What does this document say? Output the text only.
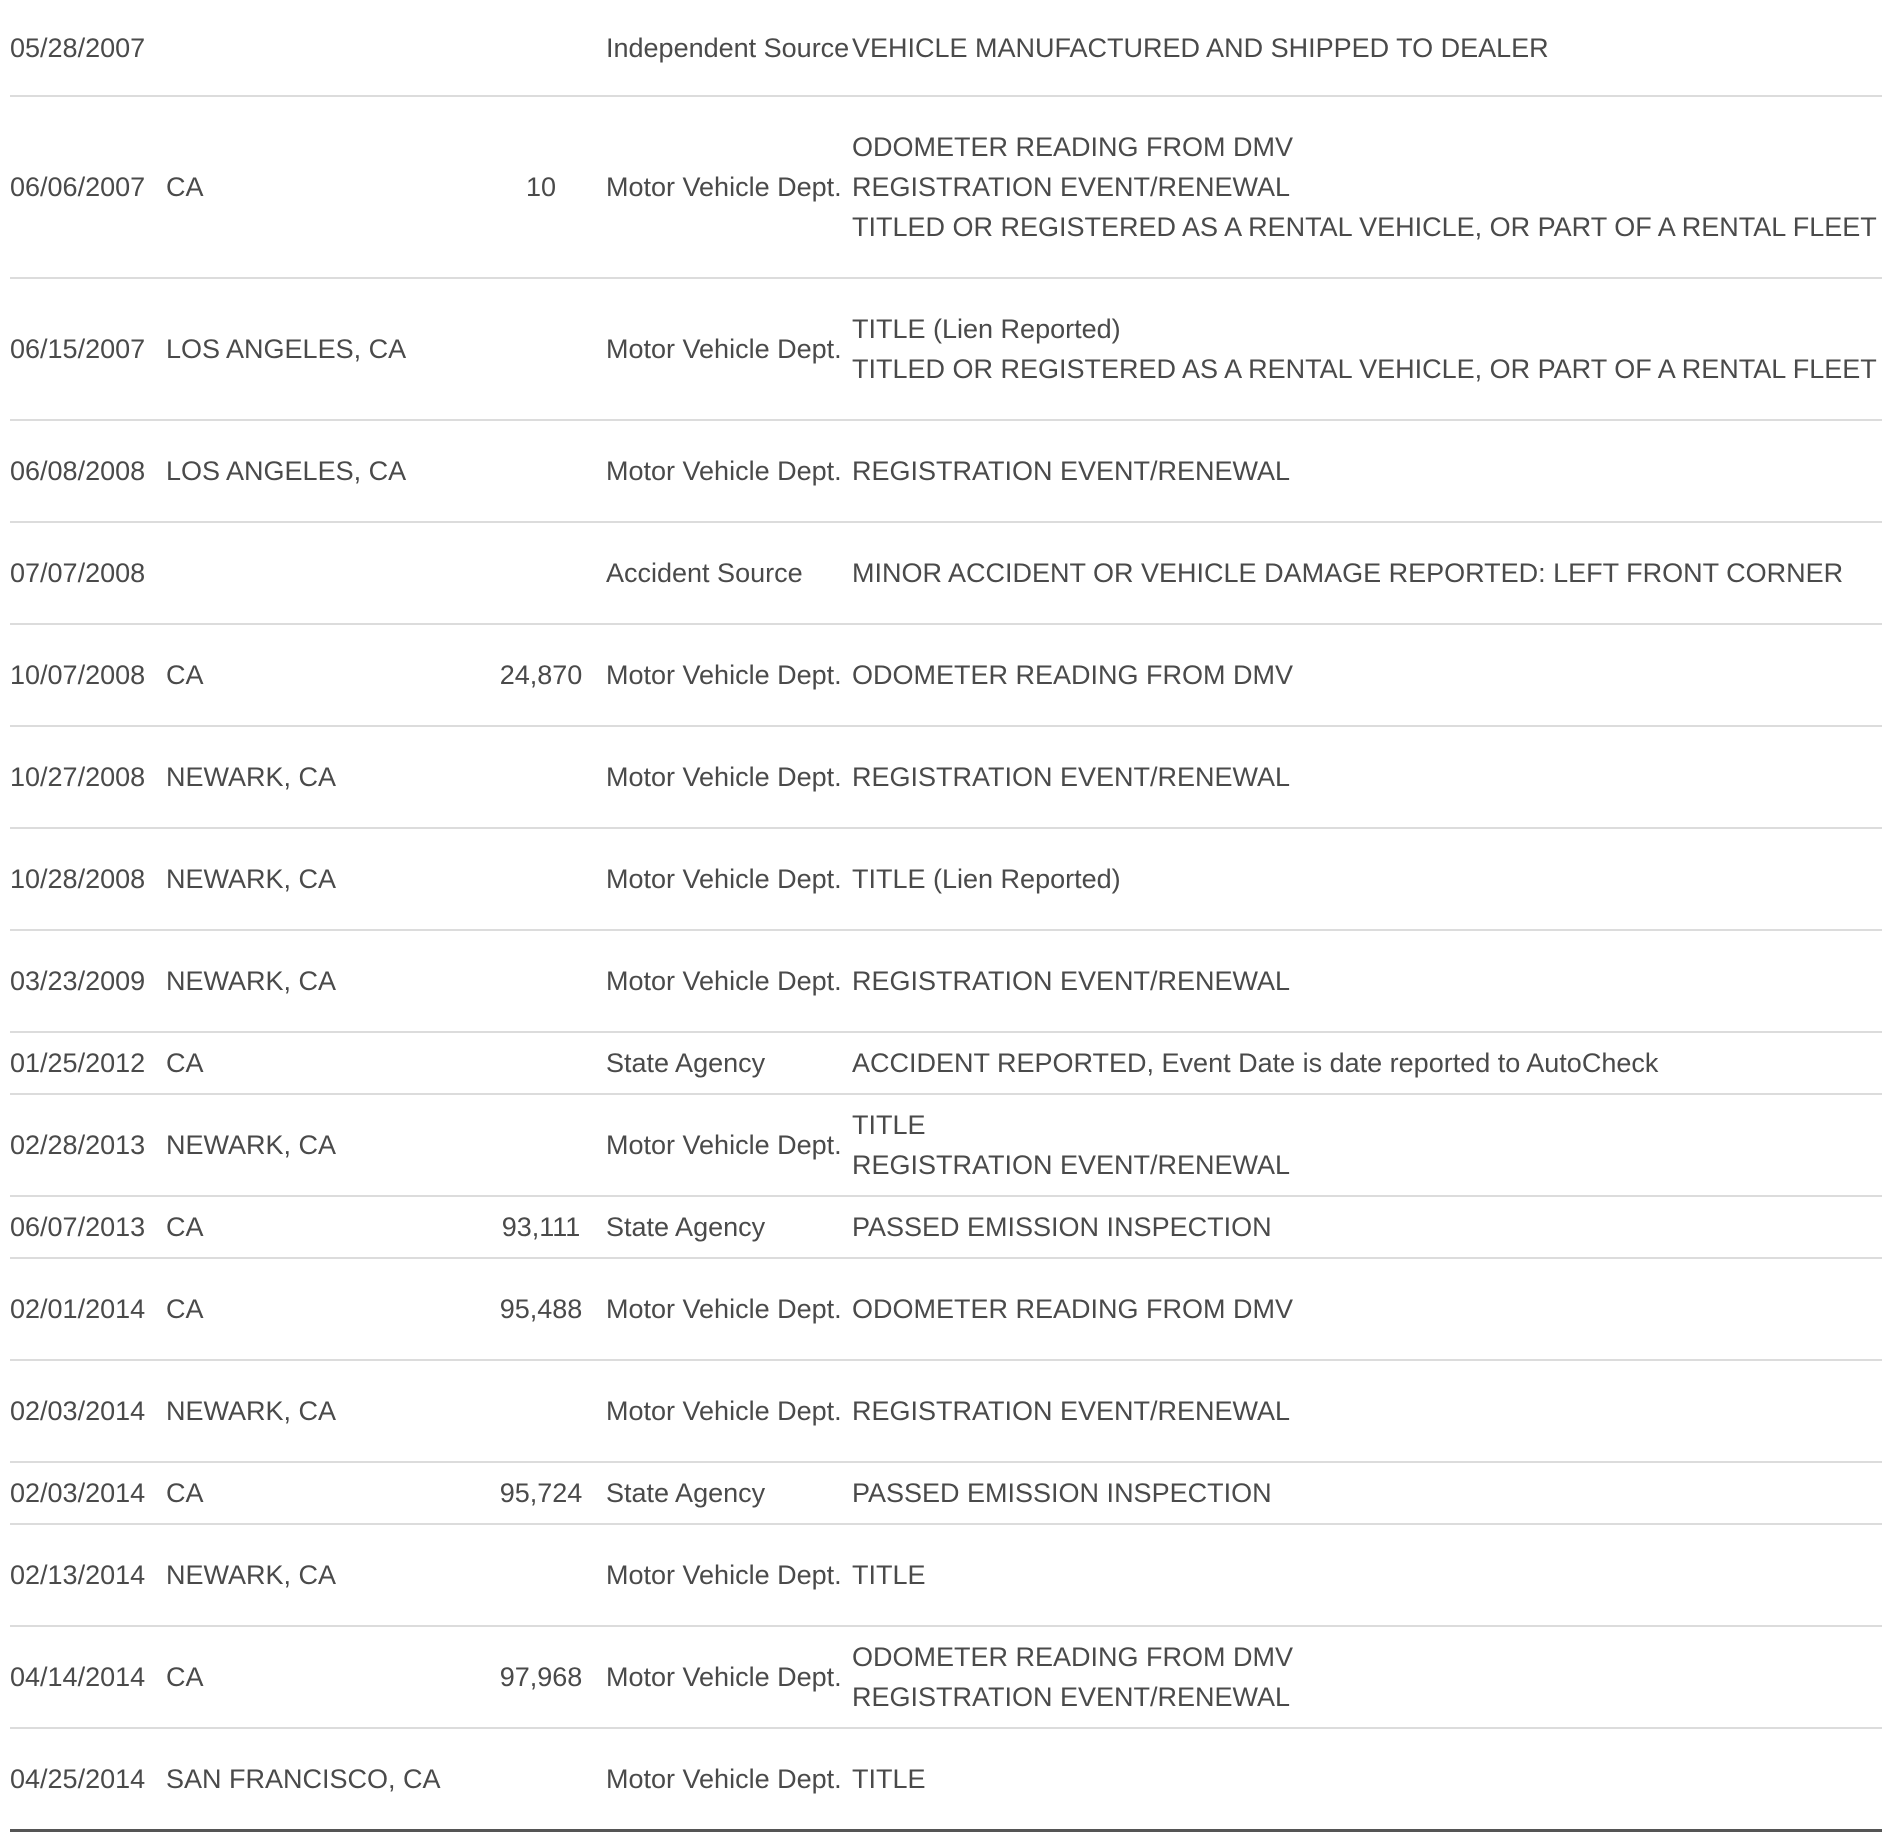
05/28/2007			Independent Source	VEHICLE MANUFACTURED AND SHIPPED TO DEALER

06/06/2007	CA	10	Motor Vehicle Dept.	ODOMETER READING FROM DMV
REGISTRATION EVENT/RENEWAL
TITLED OR REGISTERED AS A RENTAL VEHICLE, OR PART OF A RENTAL FLEET

06/15/2007	LOS ANGELES, CA		Motor Vehicle Dept.	TITLE (Lien Reported)
TITLED OR REGISTERED AS A RENTAL VEHICLE, OR PART OF A RENTAL FLEET

06/08/2008	LOS ANGELES, CA		Motor Vehicle Dept.	REGISTRATION EVENT/RENEWAL

07/07/2008			Accident Source	MINOR ACCIDENT OR VEHICLE DAMAGE REPORTED: LEFT FRONT CORNER

10/07/2008	CA	24,870	Motor Vehicle Dept.	ODOMETER READING FROM DMV

10/27/2008	NEWARK, CA		Motor Vehicle Dept.	REGISTRATION EVENT/RENEWAL

10/28/2008	NEWARK, CA		Motor Vehicle Dept.	TITLE (Lien Reported)

03/23/2009	NEWARK, CA		Motor Vehicle Dept.	REGISTRATION EVENT/RENEWAL

01/25/2012	CA		State Agency	ACCIDENT REPORTED, Event Date is date reported to AutoCheck

02/28/2013	NEWARK, CA		Motor Vehicle Dept.	TITLE
REGISTRATION EVENT/RENEWAL

06/07/2013	CA	93,111	State Agency	PASSED EMISSION INSPECTION

02/01/2014	CA	95,488	Motor Vehicle Dept.	ODOMETER READING FROM DMV

02/03/2014	NEWARK, CA		Motor Vehicle Dept.	REGISTRATION EVENT/RENEWAL

02/03/2014	CA	95,724	State Agency	PASSED EMISSION INSPECTION

02/13/2014	NEWARK, CA		Motor Vehicle Dept.	TITLE

04/14/2014	CA	97,968	Motor Vehicle Dept.	ODOMETER READING FROM DMV
REGISTRATION EVENT/RENEWAL

04/25/2014	SAN FRANCISCO, CA		Motor Vehicle Dept.	TITLE
